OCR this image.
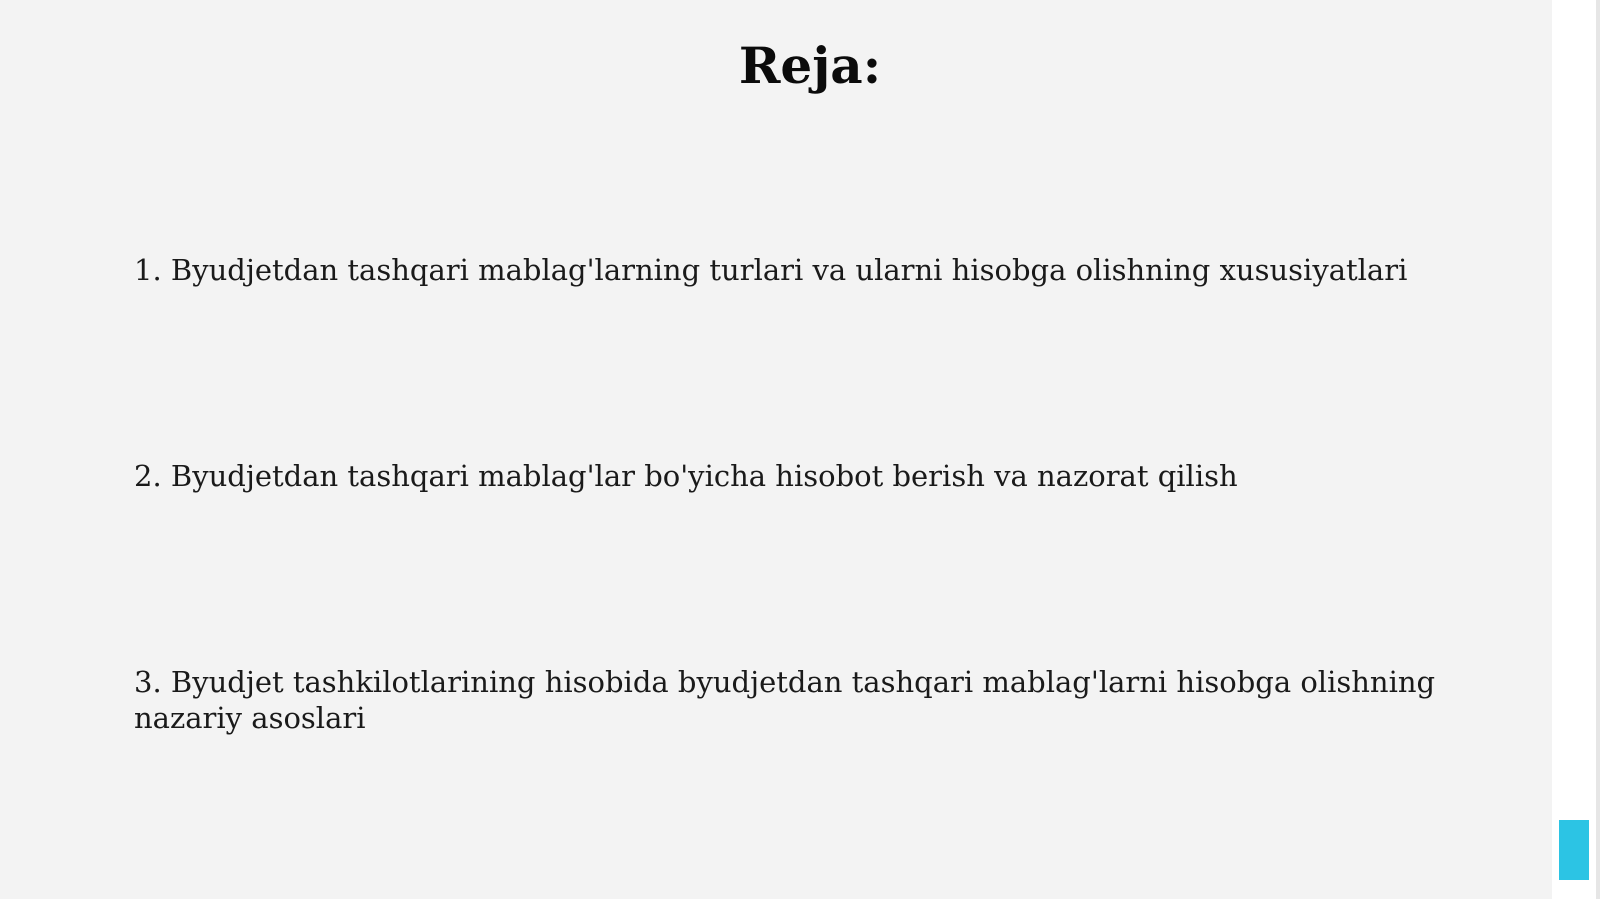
Reja:

1. Byudjetdan tashqari mablag'larning turlari va ularni hisobga olishning xususiyatlari

2. Byudjetdan tashqari mablag'lar bo'yicha hisobot berish va nazorat qilish

3. Byudjet tashkilotlarining hisobida byudjetdan tashqari mablag'larni hisobga olishning nazariy asoslari
